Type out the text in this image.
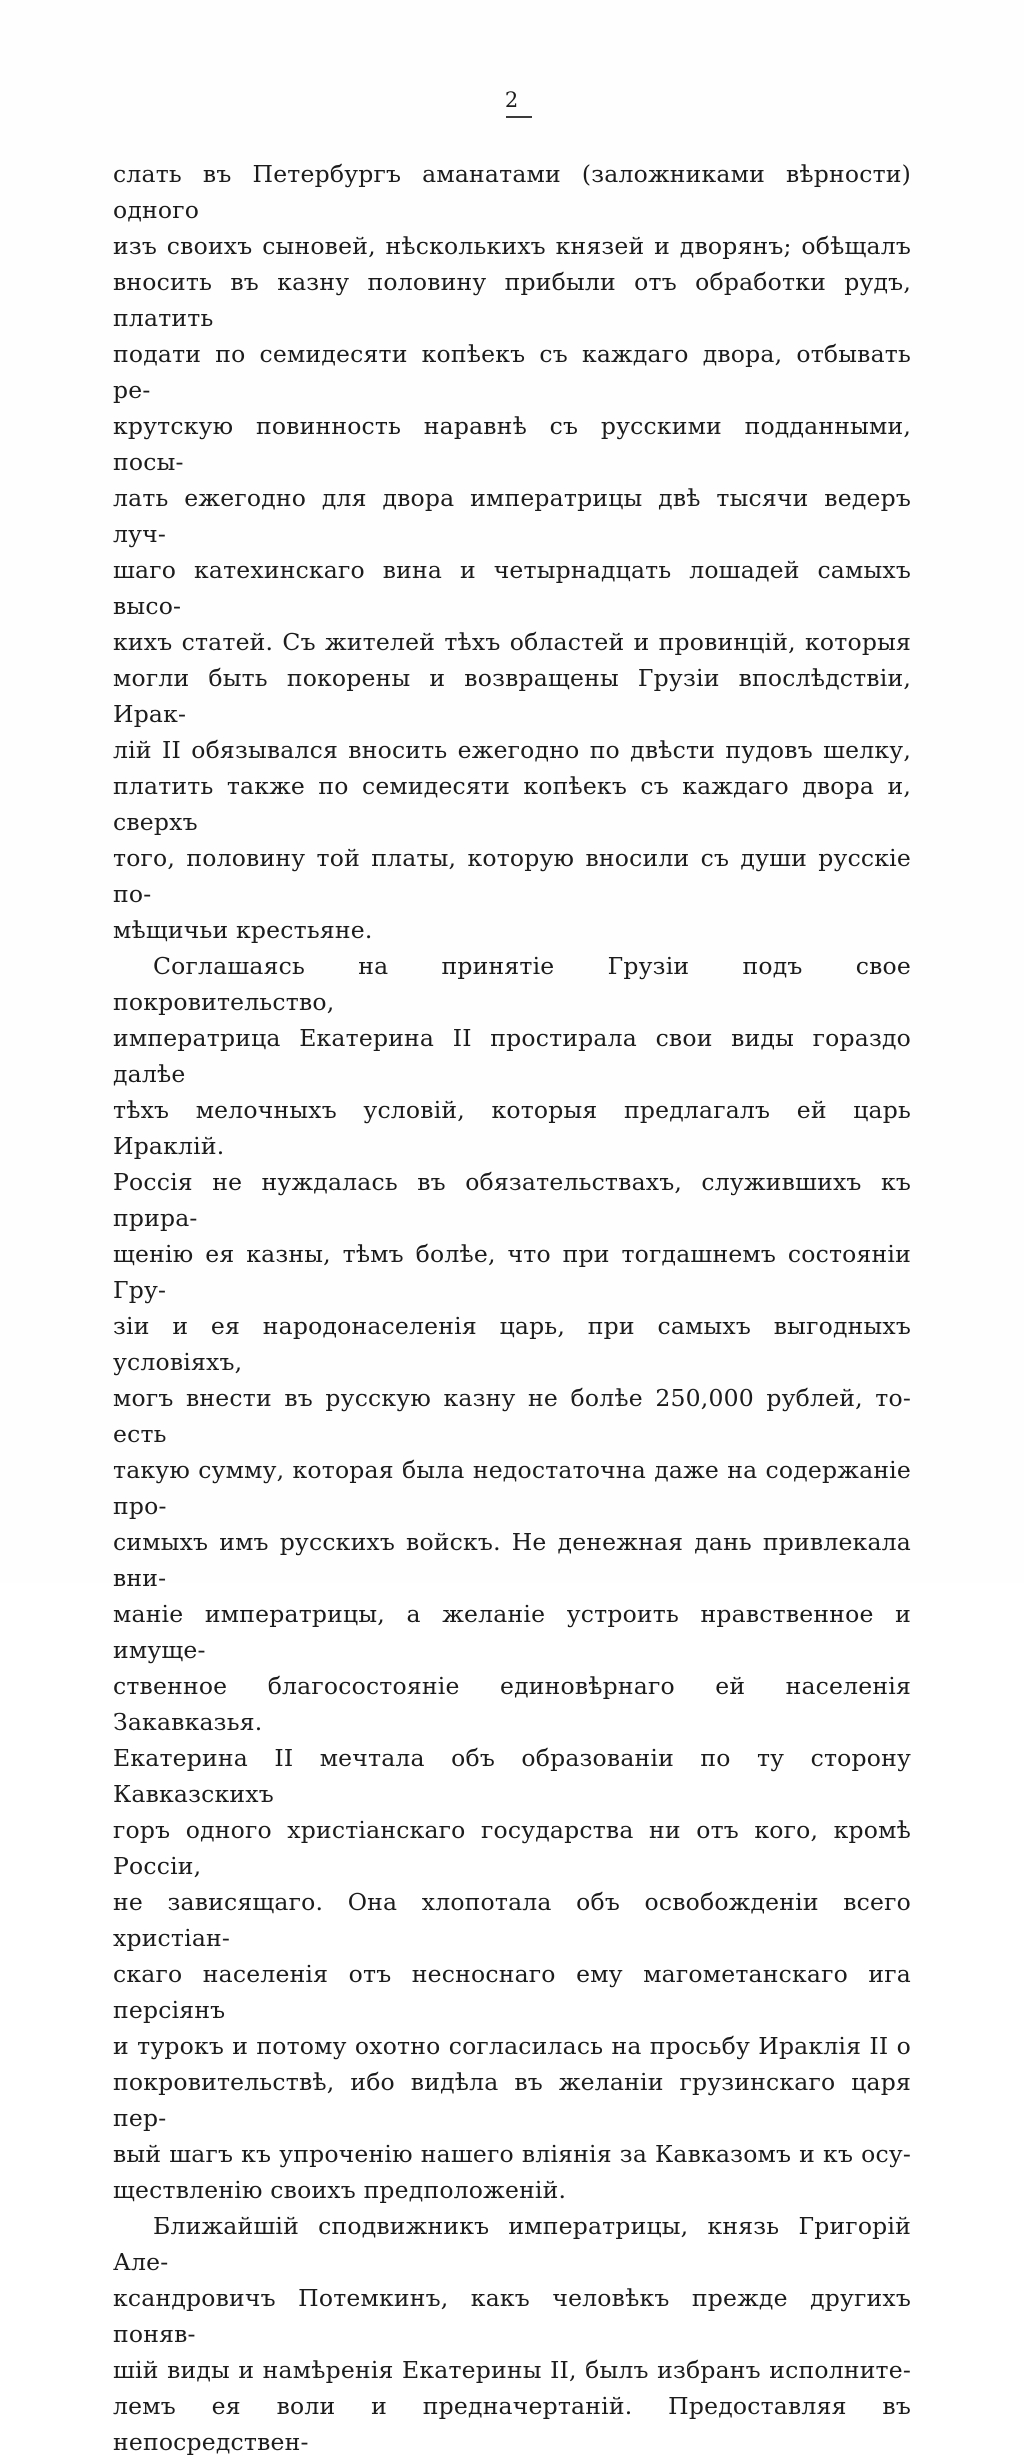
2

слать въ Петербургъ аманатами (заложниками вѣрности) одного
изъ своихъ сыновей, нѣсколькихъ князей и дворянъ; обѣщалъ
вносить въ казну половину прибыли отъ обработки рудъ, платить
подати по семидесяти копѣекъ съ каждаго двора, отбывать ре-
крутскую повинность наравнѣ съ русскими подданными, посы-
лать ежегодно для двора императрицы двѣ тысячи ведеръ луч-
шаго катехинскаго вина и четырнадцать лошадей самыхъ высо-
кихъ статей. Съ жителей тѣхъ областей и провинцій, которыя
могли быть покорены и возвращены Грузіи впослѣдствіи, Ирак-
лій II обязывался вносить ежегодно по двѣсти пудовъ шелку,
платить также по семидесяти копѣекъ съ каждаго двора и, сверхъ
того, половину той платы, которую вносили съ души русскіе по-
мѣщичьи крестьяне.

Соглашаясь на принятіе Грузіи подъ свое покровительство,
императрица Екатерина II простирала свои виды гораздо далѣе
тѣхъ мелочныхъ условій, которыя предлагалъ ей царь Ираклій.
Россія не нуждалась въ обязательствахъ, служившихъ къ прира-
щенію ея казны, тѣмъ болѣе, что при тогдашнемъ состояніи Гру-
зіи и ея народонаселенія царь, при самыхъ выгодныхъ условіяхъ,
могъ внести въ русскую казну не болѣе 250,000 рублей, то-есть
такую сумму, которая была недостаточна даже на содержаніе про-
симыхъ имъ русскихъ войскъ. Не денежная дань привлекала вни-
маніе императрицы, а желаніе устроить нравственное и имуще-
ственное благосостояніе единовѣрнаго ей населенія Закавказья.
Екатерина II мечтала объ образованіи по ту сторону Кавказскихъ
горъ одного христіанскаго государства ни отъ кого, кромѣ Россіи,
не зависящаго. Она хлопотала объ освобожденіи всего христіан-
скаго населенія отъ несноснаго ему магометанскаго ига персіянъ
и турокъ и потому охотно согласилась на просьбу Ираклія II о
покровительствѣ, ибо видѣла въ желаніи грузинскаго царя пер-
вый шагъ къ упроченію нашего вліянія за Кавказомъ и къ осу-
ществленію своихъ предположеній.

Ближайшій сподвижникъ императрицы, князь Григорій Але-
ксандровичъ Потемкинъ, какъ человѣкъ прежде другихъ поняв-
шій виды и намѣренія Екатерины II, былъ избранъ исполните-
лемъ ея воли и предначертаній. Предоставляя въ непосредствен-
